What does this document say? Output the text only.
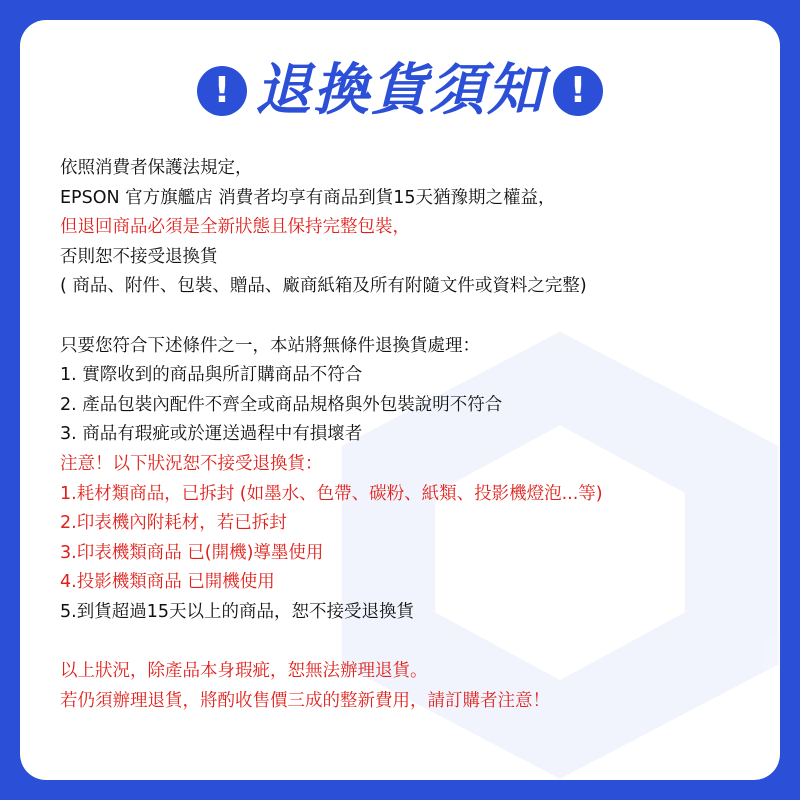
! 退換貨須知 !
依照消費者保護法規定，
EPSON 官方旗艦店 消費者均享有商品到貨15天猶豫期之權益，
但退回商品必須是全新狀態且保持完整包裝，
否則恕不接受退換貨
( 商品、附件、包裝、贈品、廠商紙箱及所有附隨文件或資料之完整)
只要您符合下述條件之一，本站將無條件退換貨處理：
1. 實際收到的商品與所訂購商品不符合
2. 產品包裝內配件不齊全或商品規格與外包裝說明不符合
3. 商品有瑕疵或於運送過程中有損壞者
注意！以下狀況恕不接受退換貨：
1.耗材類商品，已拆封 (如墨水、色帶、碳粉、紙類、投影機燈泡...等)
2.印表機內附耗材，若已拆封
3.印表機類商品 已(開機)導墨使用
4.投影機類商品 已開機使用
5.到貨超過15天以上的商品，恕不接受退換貨
以上狀況，除產品本身瑕疵，恕無法辦理退貨。
若仍須辦理退貨，將酌收售價三成的整新費用，請訂購者注意！
